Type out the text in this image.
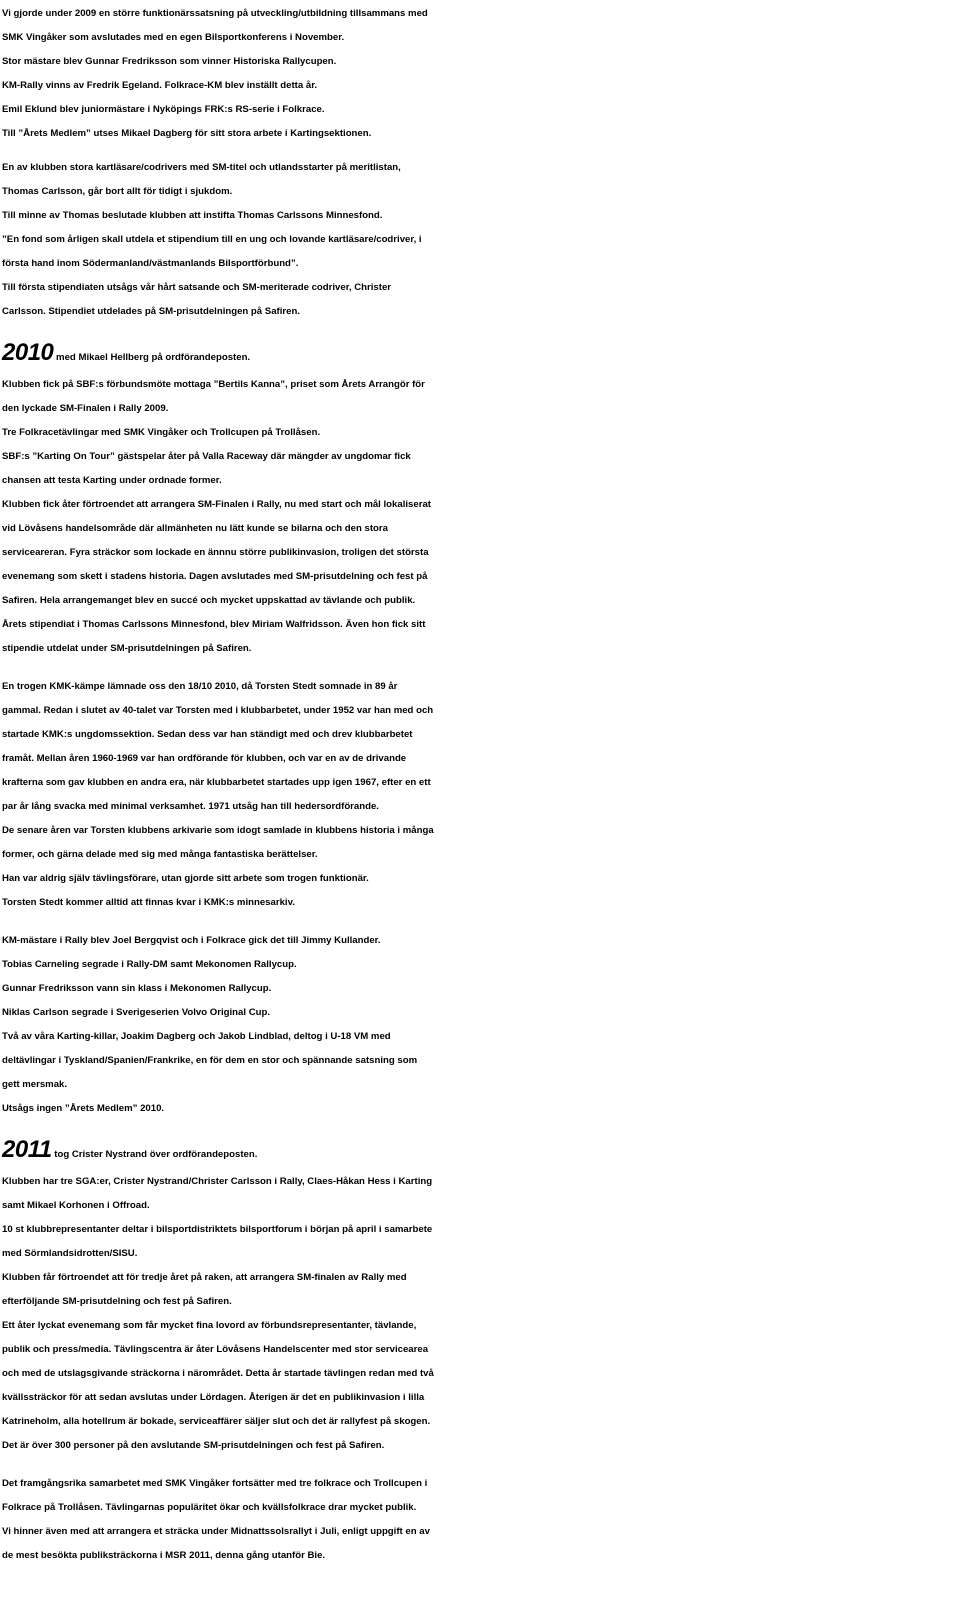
Vi gjorde under 2009 en större funktionärssatsning på utveckling/utbildning tillsammans med
SMK Vingåker som avslutades med en egen Bilsportkonferens i November.
Stor mästare blev Gunnar Fredriksson som vinner Historiska Rallycupen.
KM-Rally vinns av Fredrik Egeland. Folkrace-KM blev inställt detta år.
Emil Eklund blev juniormästare i Nyköpings FRK:s RS-serie i Folkrace.
Till ”Årets Medlem” utses Mikael Dagberg för sitt stora arbete i Kartingsektionen.
En av klubben stora kartläsare/codrivers med SM-titel och utlandsstarter på meritlistan,
Thomas Carlsson, går bort allt för tidigt i sjukdom.
Till minne av Thomas beslutade klubben att instifta Thomas Carlssons Minnesfond.
”En fond som årligen skall utdela et stipendium till en ung och lovande kartläsare/codriver, i
första hand inom Södermanland/västmanlands Bilsportförbund”.
Till första stipendiaten utsågs vår hårt satsande och SM-meriterade codriver, Christer
Carlsson. Stipendiet utdelades på SM-prisutdelningen på Safiren.
2010 med Mikael Hellberg på ordförandeposten.
Klubben fick på SBF:s förbundsmöte mottaga ”Bertils Kanna”, priset som Årets Arrangör för
den lyckade SM-Finalen i Rally 2009.
Tre Folkracetävlingar med SMK Vingåker och Trollcupen på Trollåsen.
SBF:s ”Karting On Tour” gästspelar åter på Valla Raceway där mängder av ungdomar fick
chansen att testa Karting under ordnade former.
Klubben fick åter förtroendet att arrangera SM-Finalen i Rally, nu med start och mål lokaliserat
vid Lövåsens handelsområde där allmänheten nu lätt kunde se bilarna och den stora
serviceareran. Fyra sträckor som lockade en ännnu större publikinvasion, troligen det största
evenemang som skett i stadens historia. Dagen avslutades med SM-prisutdelning och fest på
Safiren. Hela arrangemanget blev en succé och mycket uppskattad av tävlande och publik.
Årets stipendiat i Thomas Carlssons Minnesfond, blev Miriam Walfridsson. Även hon fick sitt
stipendie utdelat under SM-prisutdelningen på Safiren.
En trogen KMK-kämpe lämnade oss den 18/10 2010, då Torsten Stedt somnade in 89 år
gammal. Redan i slutet av 40-talet var Torsten med i klubbarbetet, under 1952 var han med och
startade KMK:s ungdomssektion. Sedan dess var han ständigt med och drev klubbarbetet
framåt. Mellan åren 1960-1969 var han ordförande för klubben, och var en av de drivande
krafterna som gav klubben en andra era, när klubbarbetet startades upp igen 1967, efter en ett
par år lång svacka med minimal verksamhet. 1971 utsåg han till hedersordförande.
De senare åren var Torsten klubbens arkivarie som idogt samlade in klubbens historia i många
former, och gärna delade med sig med många fantastiska berättelser.
Han var aldrig själv tävlingsförare, utan gjorde sitt arbete som trogen funktionär.
Torsten Stedt kommer alltid att finnas kvar i KMK:s minnesarkiv.
KM-mästare i Rally blev Joel Bergqvist och i Folkrace gick det till Jimmy Kullander.
Tobias Carneling segrade i Rally-DM samt Mekonomen Rallycup.
Gunnar Fredriksson vann sin klass i Mekonomen Rallycup.
Niklas Carlson segrade i Sverigeserien Volvo Original Cup.
Två av våra Karting-killar, Joakim Dagberg och Jakob Lindblad, deltog i U-18 VM med
deltävlingar i Tyskland/Spanien/Frankrike, en för dem en stor och spännande satsning som
gett mersmak.
Utsågs ingen ”Årets Medlem” 2010.
2011 tog Crister Nystrand över ordförandeposten.
Klubben har tre SGA:er, Crister Nystrand/Christer Carlsson i Rally, Claes-Håkan Hess i Karting
samt Mikael Korhonen i Offroad.
10 st klubbrepresentanter deltar i bilsportdistriktets bilsportforum i början på april i samarbete
med Sörmlandsidrotten/SISU.
Klubben får förtroendet att för tredje året på raken, att arrangera SM-finalen av Rally med
efterföljande SM-prisutdelning och fest på Safiren.
Ett åter lyckat evenemang som får mycket fina lovord av förbundsrepresentanter, tävlande,
publik och press/media. Tävlingscentra är åter Lövåsens Handelscenter med stor servicearea
och med de utslagsgivande sträckorna i närområdet. Detta år startade tävlingen redan med två
kvällssträckor för att sedan avslutas under Lördagen. Återigen är det en publikinvasion i lilla
Katrineholm, alla hotellrum är bokade, serviceaffärer säljer slut och det är rallyfest på skogen.
Det är över 300 personer på den avslutande SM-prisutdelningen och fest på Safiren.
Det framgångsrika samarbetet med SMK Vingåker fortsätter med tre folkrace och Trollcupen i
Folkrace på Trollåsen. Tävlingarnas populäritet ökar och kvällsfolkrace drar mycket publik.
Vi hinner även med att arrangera et sträcka under Midnattssolsrallyt i Juli, enligt uppgift en av
de mest besökta publiksträckorna i MSR 2011, denna gång utanför Bie.
